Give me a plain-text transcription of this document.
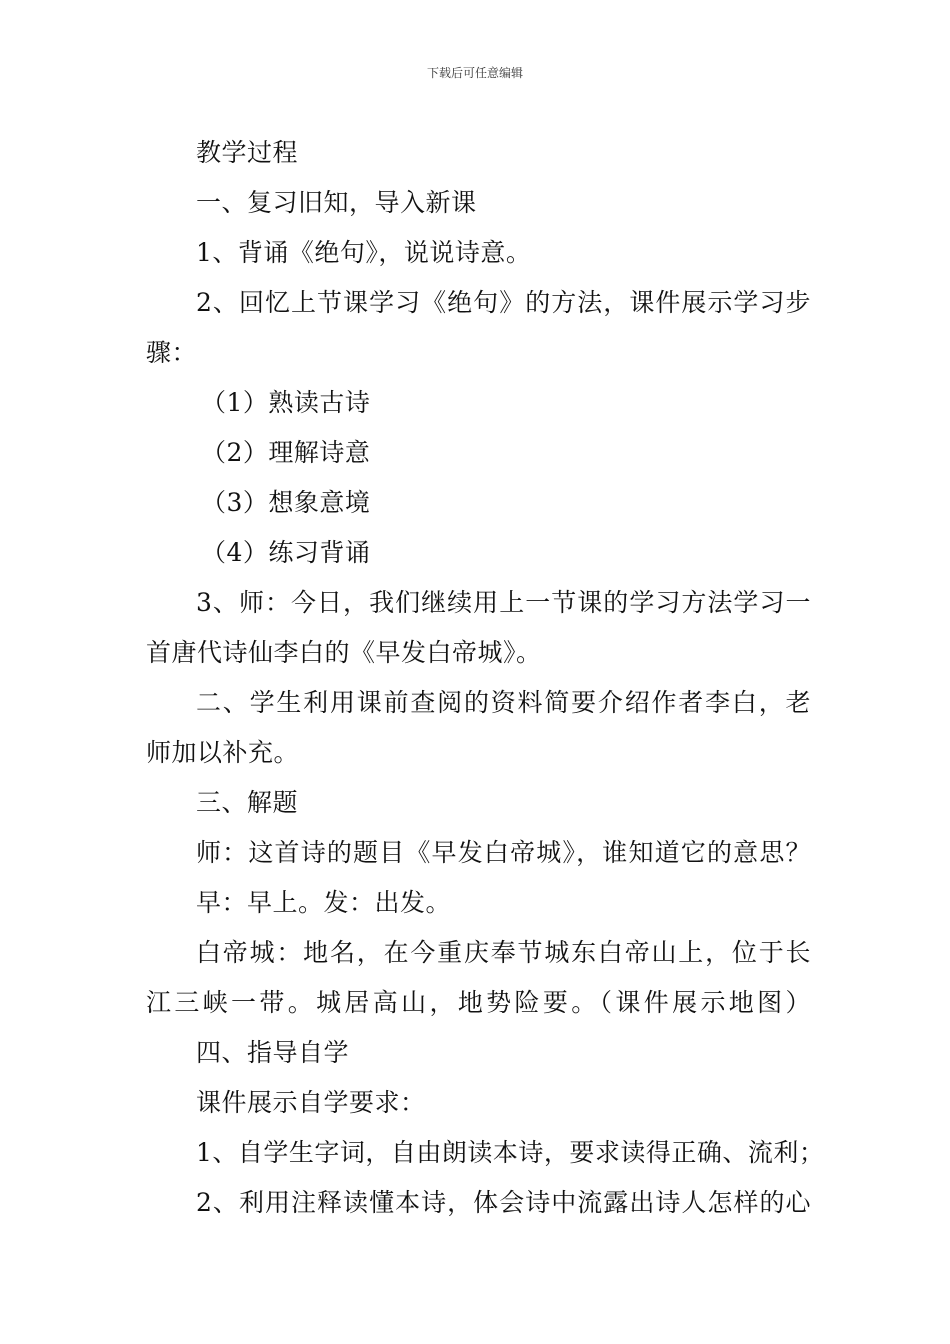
下载后可任意编辑
教学过程
一、复习旧知，导入新课
1、背诵《绝句》，说说诗意。
2、回忆上节课学习《绝句》的方法，课件展示学习步
骤：
（1）熟读古诗
（2）理解诗意
（3）想象意境
（4）练习背诵
3、师：今日，我们继续用上一节课的学习方法学习一
首唐代诗仙李白的《早发白帝城》。
二、学生利用课前查阅的资料简要介绍作者李白，老
师加以补充。
三、解题
师：这首诗的题目《早发白帝城》，谁知道它的意思？
早：早上。发：出发。
白帝城：地名，在今重庆奉节城东白帝山上，位于长
江三峡一带。城居高山，地势险要。（课件展示地图）
四、指导自学
课件展示自学要求：
1、自学生字词，自由朗读本诗，要求读得正确、流利；
2、利用注释读懂本诗，体会诗中流露出诗人怎样的心
